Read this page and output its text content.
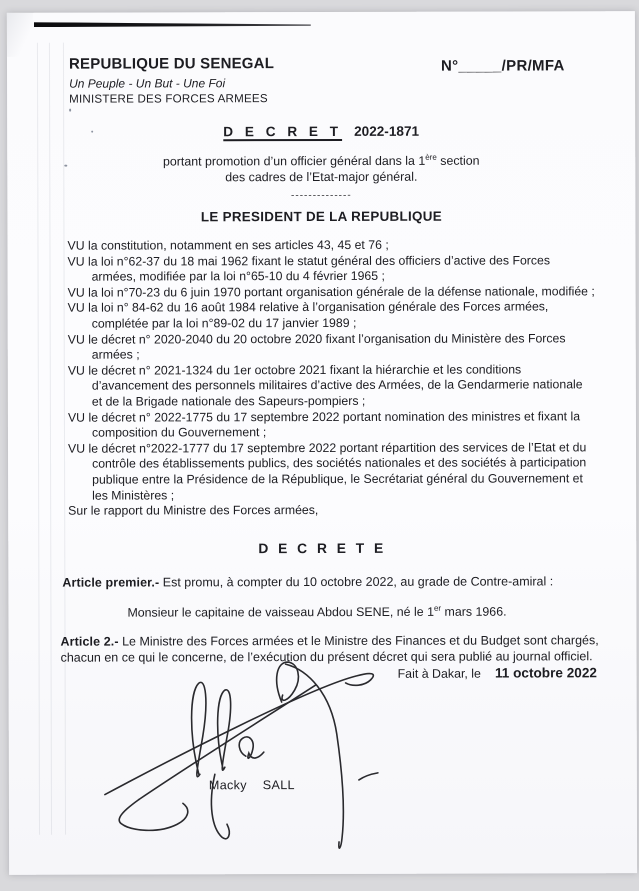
REPUBLIQUE DU SENEGAL
Un Peuple - Un But - Une Foi
MINISTERE DES FORCES ARMEES
N°_____/PR/MFA
D E C R E T 2022-1871
portant promotion d’un officier général dans la 1ère section
des cadres de l’Etat-major général.
--------------
LE PRESIDENT DE LA REPUBLIQUE

VU la constitution, notamment en ses articles 43, 45 et 76 ;

VU la loi n°62-37 du 18 mai 1962 fixant le statut général des officiers d’active des Forces armées, modifiée par la loi n°65-10 du 4 février 1965 ;

VU la loi n°70-23 du 6 juin 1970 portant organisation générale de la défense nationale, modifiée ;

VU la loi n° 84-62 du 16 août 1984 relative à l’organisation générale des Forces armées, complétée par la loi n°89-02 du 17 janvier 1989 ;

VU le décret n° 2020-2040 du 20 octobre 2020 fixant l’organisation du Ministère des Forces armées ;

VU le décret n° 2021-1324 du 1er octobre 2021 fixant la hiérarchie et les conditions d’avancement des personnels militaires d’active des Armées, de la Gendarmerie nationale et de la Brigade nationale des Sapeurs-pompiers ;

VU le décret n° 2022-1775 du 17 septembre 2022 portant nomination des ministres et fixant la composition du Gouvernement ;

VU le décret n°2022-1777 du 17 septembre 2022 portant répartition des services de l’Etat et du contrôle des établissements publics, des sociétés nationales et des sociétés à participation publique entre la Présidence de la République, le Secrétariat général du Gouvernement et les Ministères ;

Sur le rapport du Ministre des Forces armées,

D E C R E T E
Article premier.- Est promu, à compter du 10 octobre 2022, au grade de Contre-amiral :
Monsieur le capitaine de vaisseau Abdou SENE, né le 1er mars 1966.
Article 2.- Le Ministre des Forces armées et le Ministre des Finances et du Budget sont chargés, chacun en ce qui le concerne, de l’exécution du présent décret qui sera publié au journal officiel.
Fait à Dakar, le 11 octobre 2022
Macky SALL
